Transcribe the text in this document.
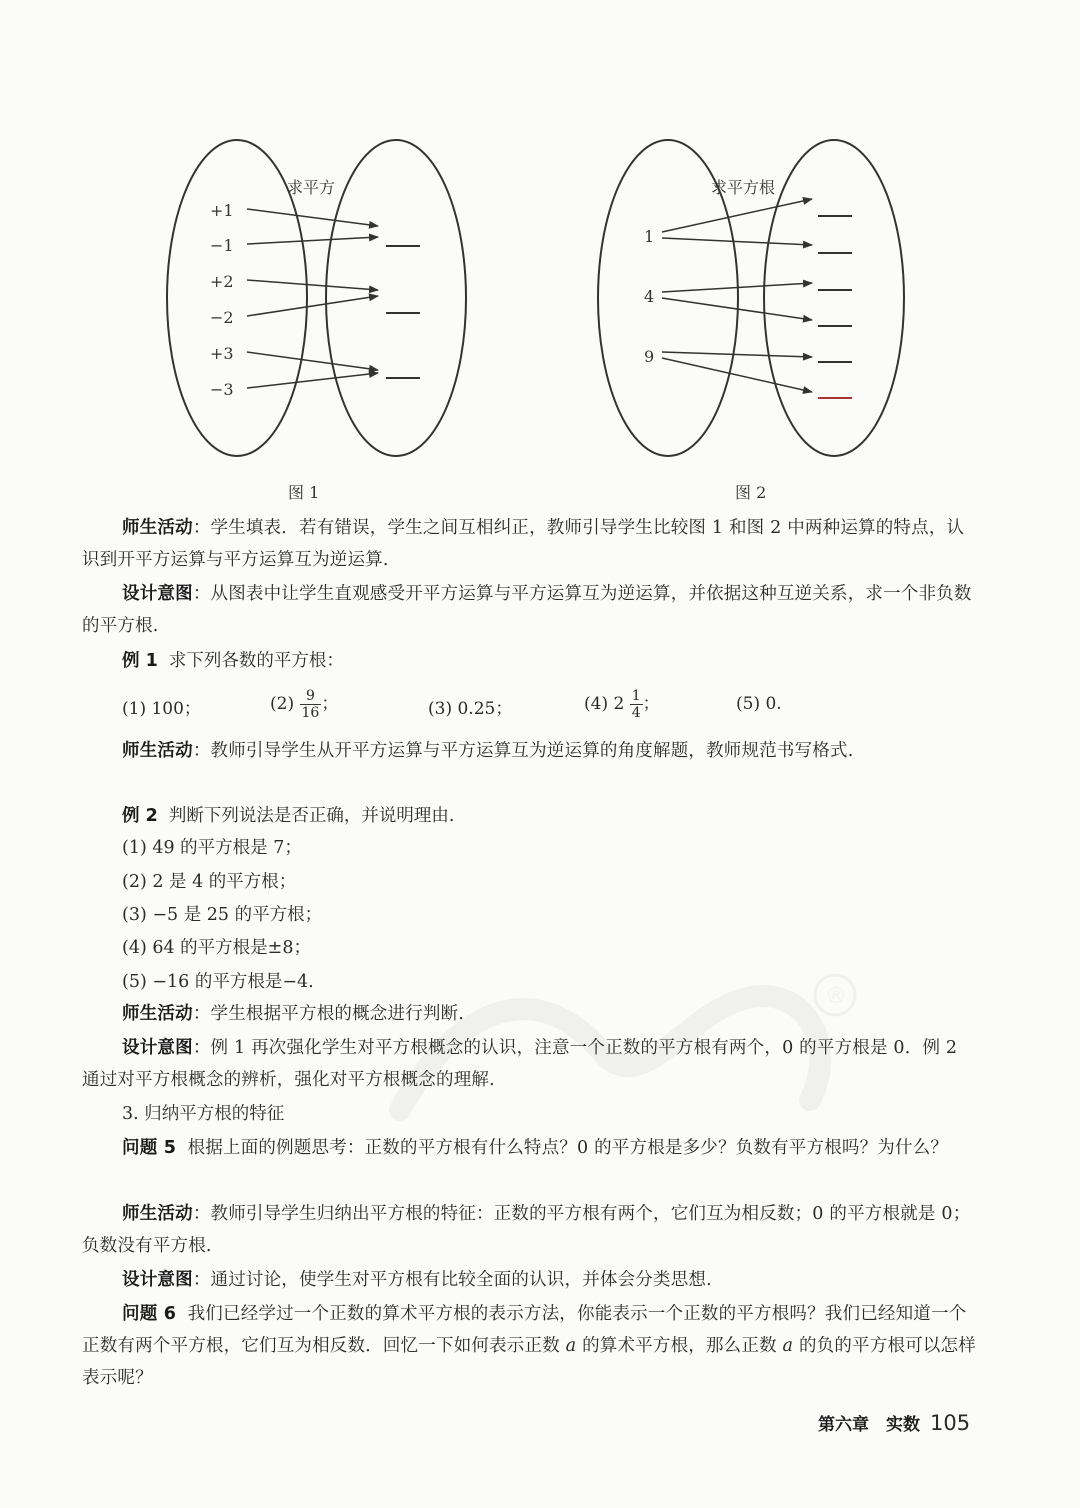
求平方
+1
−1
+2
−2
+3
−3
求平方根
1
4
9
图 1	图 2
®

师生活动：学生填表．若有错误，学生之间互相纠正，教师引导学生比较图 1 和图 2 中两种运算的特点，认识到开平方运算与平方运算互为逆运算.

设计意图：从图表中让学生直观感受开平方运算与平方运算互为逆运算，并依据这种互逆关系，求一个非负数的平方根.

例 1 求下列各数的平方根：
(1) 100；	$(2) \frac{9}{16}$ ；	(3) 0.25；	(4) $2 \frac{1}{4}$ ；	(5) 0.

师生活动：教师引导学生从开平方运算与平方运算互为逆运算的角度解题，教师规范书写格式.

例 2 判断下列说法是否正确，并说明理由.
(1) 49 的平方根是 7；
(2) 2 是 4 的平方根；
(3) −5 是 25 的平方根；
(4) 64 的平方根是±8；
(5) −16 的平方根是−4.

师生活动：学生根据平方根的概念进行判断.

设计意图：例 1 再次强化学生对平方根概念的认识，注意一个正数的平方根有两个，0 的平方根是 0．例 2 通过对平方根概念的辨析，强化对平方根概念的理解.

3. 归纳平方根的特征

问题 5 根据上面的例题思考：正数的平方根有什么特点？0 的平方根是多少？负数有平方根吗？为什么？

师生活动：教师引导学生归纳出平方根的特征：正数的平方根有两个，它们互为相反数；0 的平方根就是 0；负数没有平方根.

设计意图：通过讨论，使学生对平方根有比较全面的认识，并体会分类思想.

问题 6 我们已经学过一个正数的算术平方根的表示方法，你能表示一个正数的平方根吗？我们已经知道一个正数有两个平方根，它们互为相反数．回忆一下如何表示正数 a 的算术平方根，那么正数 a 的负的平方根可以怎样表示呢？

第六章　实数 105
